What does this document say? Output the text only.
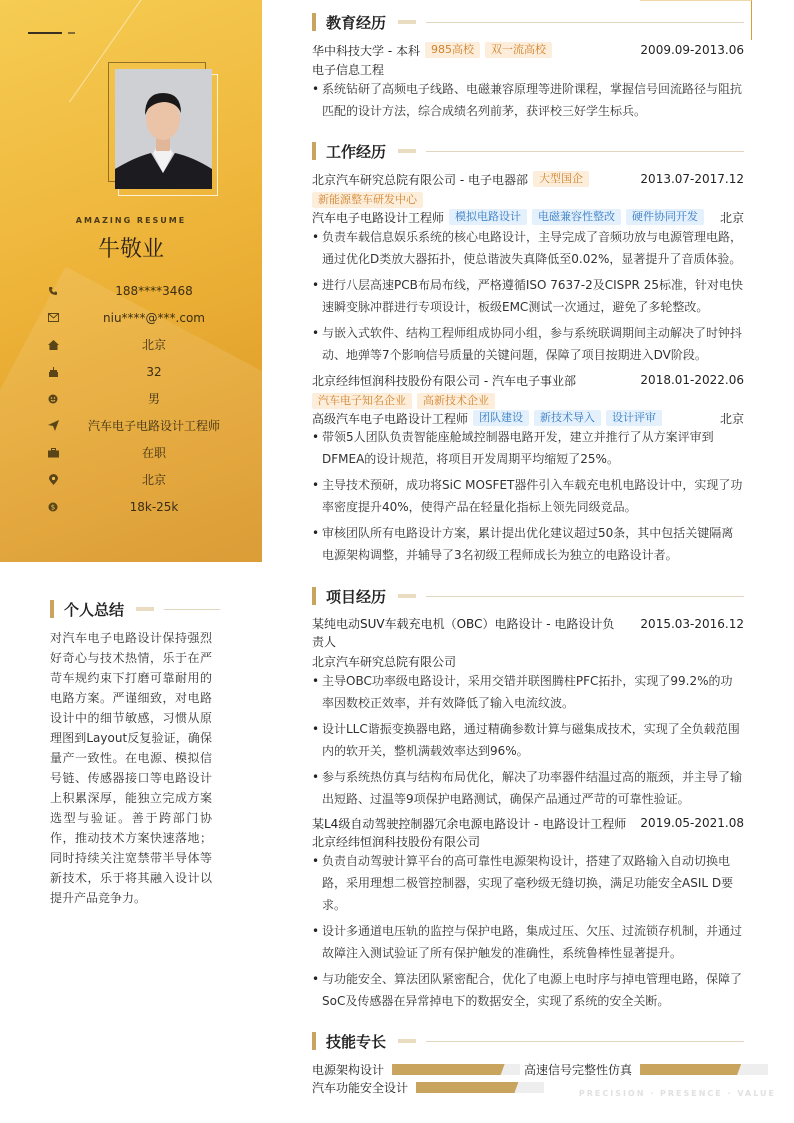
AMAZING RESUME
牛敬业
188****3468
niu****@***.com
北京
32
男
汽车电子电路设计工程师
在职
北京
$	18k-25k
个人总结
对汽车电子电路设计保持强烈好奇心与技术热情，乐于在严苛车规约束下打磨可靠耐用的电路方案。严谨细致，对电路设计中的细节敏感，习惯从原理图到Layout反复验证，确保量产一致性。在电源、模拟信号链、传感器接口等电路设计上积累深厚，能独立完成方案选型与验证。善于跨部门协作，推动技术方案快速落地；同时持续关注宽禁带半导体等新技术，乐于将其融入设计以提升产品竞争力。
教育经历
华中科技大学 - 本科	985高校	双一流高校	2009.09-2013.06
电子信息工程
• 系统钻研了高频电子线路、电磁兼容原理等进阶课程，掌握信号回流路径与阻抗匹配的设计方法，综合成绩名列前茅，获评校三好学生标兵。
工作经历
北京汽车研究总院有限公司 - 电子电器部	大型国企	2013.07-2017.12
新能源整车研发中心
汽车电子电路设计工程师	模拟电路设计	电磁兼容性整改	硬件协同开发	北京
• 负责车载信息娱乐系统的核心电路设计，主导完成了音频功放与电源管理电路，通过优化D类放大器拓扑，使总谐波失真降低至0.02%，显著提升了音质体验。
• 进行八层高速PCB布局布线，严格遵循ISO 7637-2及CISPR 25标准，针对电快速瞬变脉冲群进行专项设计，板级EMC测试一次通过，避免了多轮整改。
• 与嵌入式软件、结构工程师组成协同小组，参与系统联调期间主动解决了时钟抖动、地弹等7个影响信号质量的关键问题，保障了项目按期进入DV阶段。
北京经纬恒润科技股份有限公司 - 汽车电子事业部	2018.01-2022.06
汽车电子知名企业	高新技术企业
高级汽车电子电路设计工程师	团队建设	新技术导入	设计评审	北京
• 带领5人团队负责智能座舱域控制器电路开发，建立并推行了从方案评审到DFMEA的设计规范，将项目开发周期平均缩短了25%。
• 主导技术预研，成功将SiC MOSFET器件引入车载充电机电路设计中，实现了功率密度提升40%，使得产品在轻量化指标上领先同级竞品。
• 审核团队所有电路设计方案，累计提出优化建议超过50条，其中包括关键隔离电源架构调整，并辅导了3名初级工程师成长为独立的电路设计者。
项目经历
某纯电动SUV车载充电机（OBC）电路设计 - 电路设计负责人
2015.03-2016.12
北京汽车研究总院有限公司
• 主导OBC功率级电路设计，采用交错并联图腾柱PFC拓扑，实现了99.2%的功率因数校正效率，并有效降低了输入电流纹波。
• 设计LLC谐振变换器电路，通过精确参数计算与磁集成技术，实现了全负载范围内的软开关，整机满载效率达到96%。
• 参与系统热仿真与结构布局优化，解决了功率器件结温过高的瓶颈，并主导了输出短路、过温等9项保护电路测试，确保产品通过严苛的可靠性验证。
某L4级自动驾驶控制器冗余电源电路设计 - 电路设计工程师 2019.05-2021.08
北京经纬恒润科技股份有限公司
• 负责自动驾驶计算平台的高可靠性电源架构设计，搭建了双路输入自动切换电路，采用理想二极管控制器，实现了毫秒级无缝切换，满足功能安全ASIL D要求。
• 设计多通道电压轨的监控与保护电路，集成过压、欠压、过流锁存机制，并通过故障注入测试验证了所有保护触发的准确性，系统鲁棒性显著提升。
• 与功能安全、算法团队紧密配合，优化了电源上电时序与掉电管理电路，保障了SoC及传感器在异常掉电下的数据安全，实现了系统的安全关断。
技能专长
电源架构设计	高速信号完整性仿真
汽车功能安全设计	PRECISION · PRESENCE · VALUE
